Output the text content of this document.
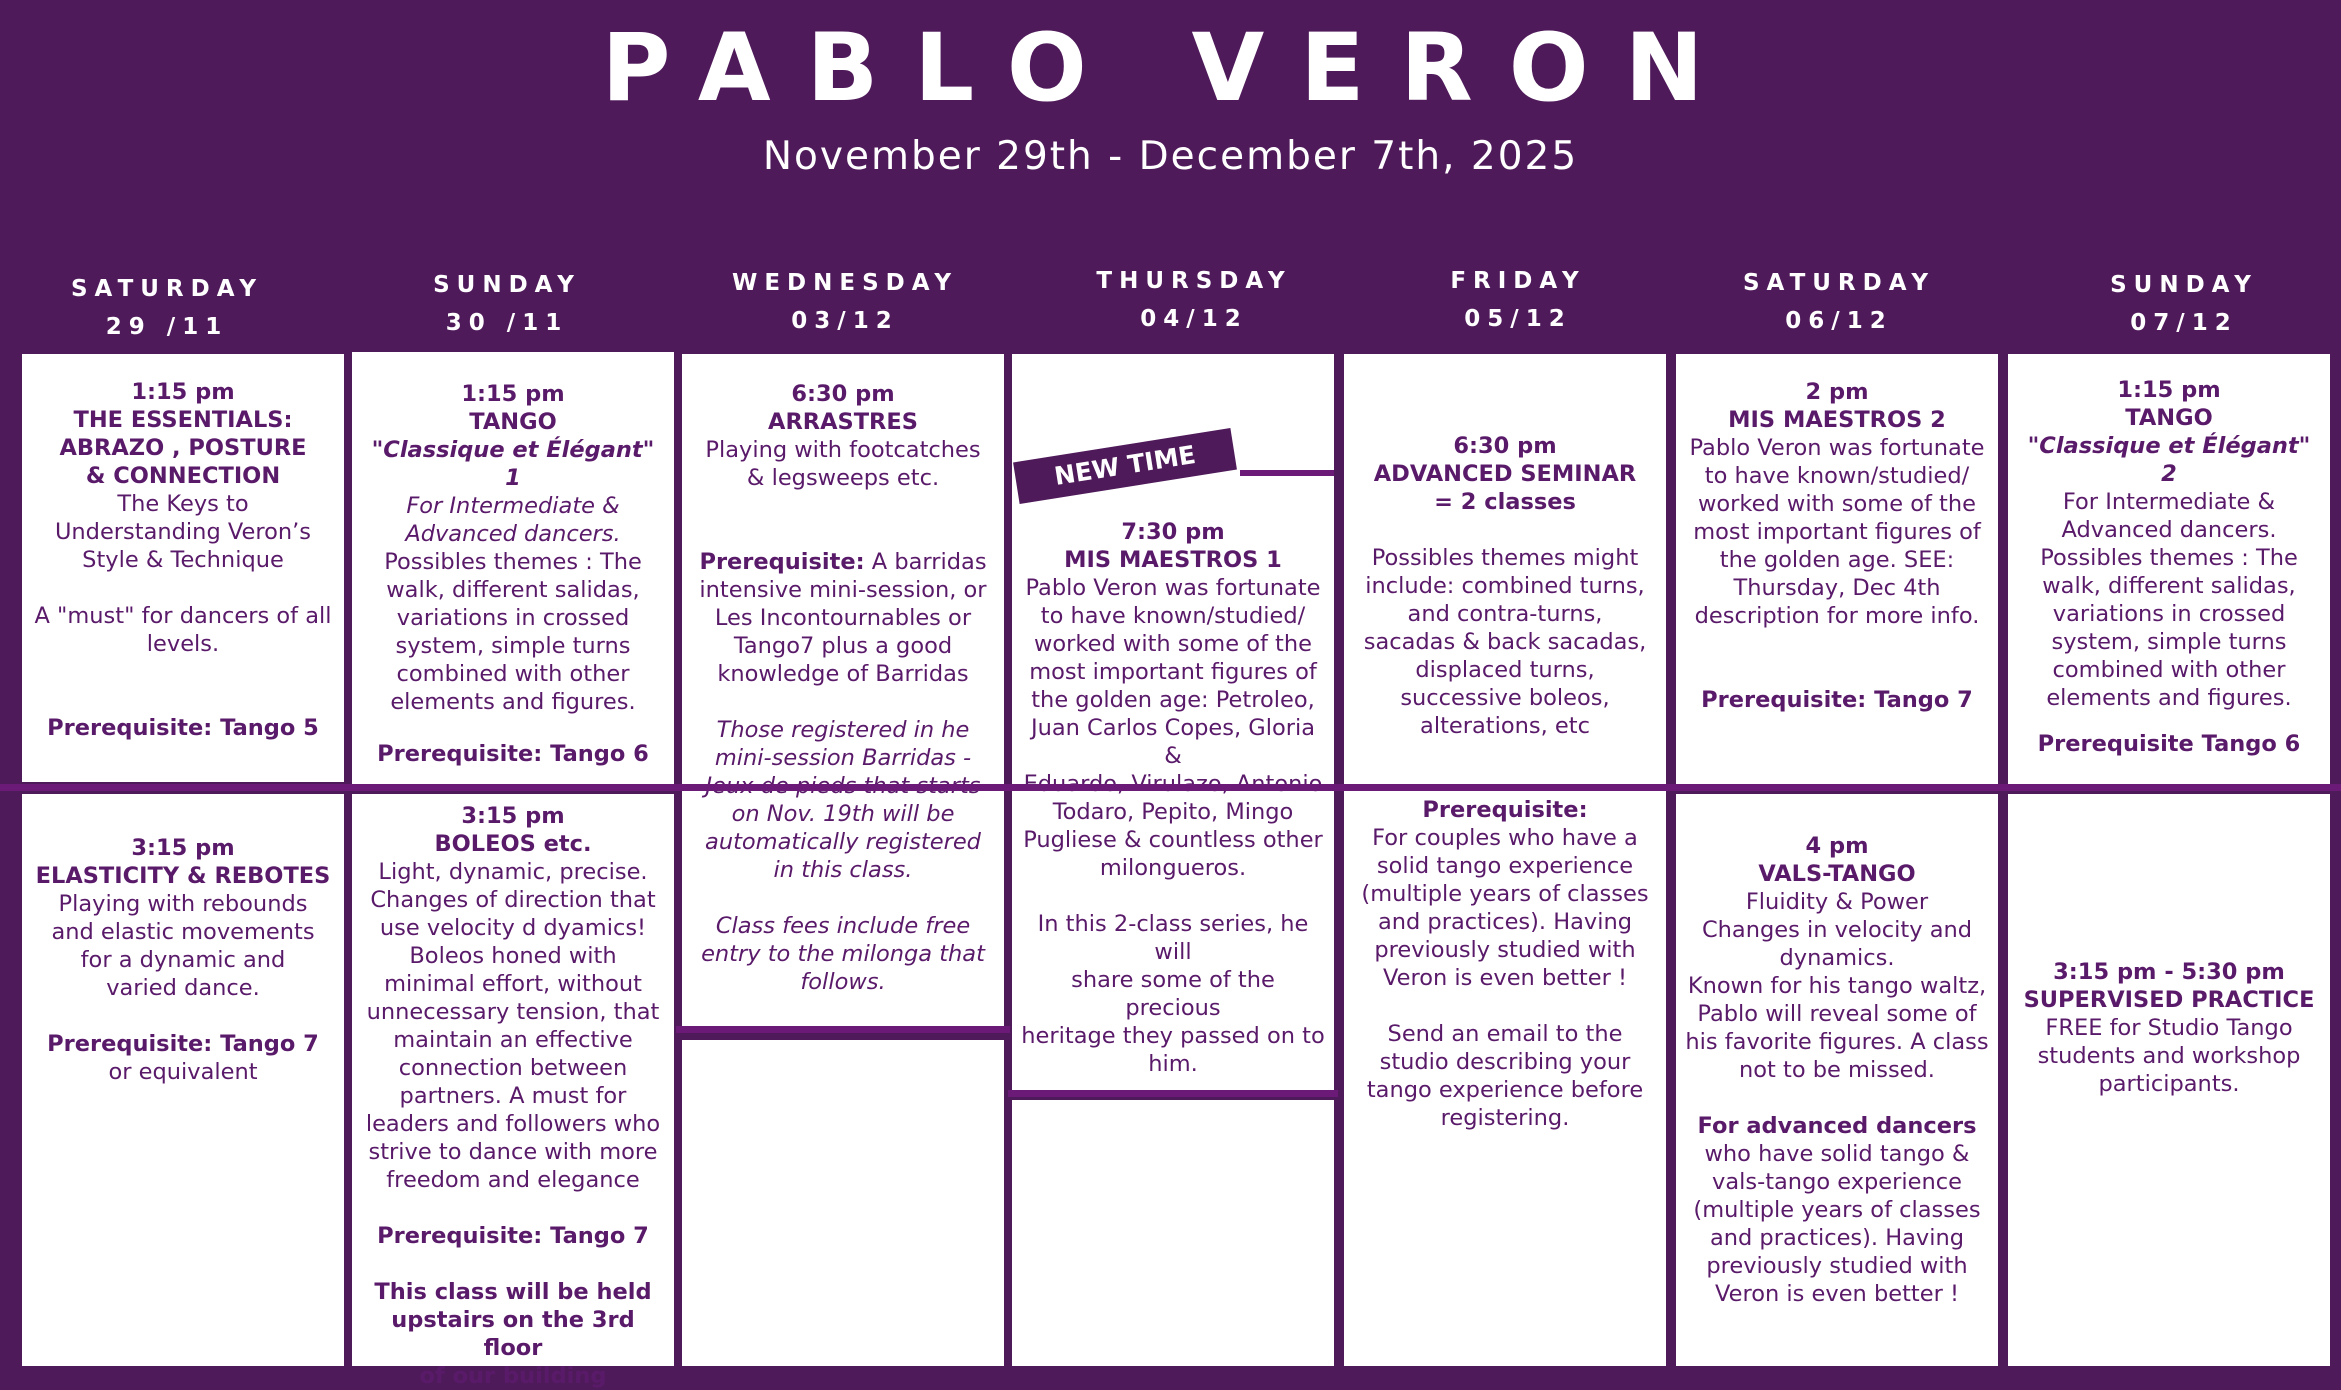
PABLO VERON
November 29th - December 7th, 2025
SATURDAY
29 /11
SUNDAY
30 /11
WEDNESDAY
03/12
THURSDAY
04/12
FRIDAY
05/12
SATURDAY
06/12
SUNDAY
07/12
1:15 pm
THE ESSENTIALS:
ABRAZO , POSTURE
& CONNECTION
The Keys to
Understanding Veron’s
Style & Technique
A "must" for dancers of all
levels.
Prerequisite: Tango 5
3:15 pm
ELASTICITY & REBOTES
Playing with rebounds
and elastic movements
for a dynamic and
varied dance.
Prerequisite: Tango 7
or equivalent
1:15 pm
TANGO
"Classique et Élégant" 1
For Intermediate &
Advanced dancers.
Possibles themes : The
walk, different salidas,
variations in crossed
system, simple turns
combined with other
elements and figures.
Prerequisite: Tango 6
3:15 pm
BOLEOS etc.
Light, dynamic, precise.
Changes of direction that
use velocity d dyamics!
Boleos honed with
minimal effort, without
unnecessary tension, that
maintain an effective
connection between
partners. A must for
leaders and followers who
strive to dance with more
freedom and elegance
Prerequisite: Tango 7
This class will be held
upstairs on the 3rd floor
of our building
6:30 pm
ARRASTRES
Playing with footcatches
& legsweeps etc.
Prerequisite: A barridas
intensive mini-session, or
Les Incontournables or
Tango7 plus a good
knowledge of Barridas
Those registered in he
mini-session Barridas -

on Nov. 19th will be
automatically registered
in this class.
Class fees include free
entry to the milonga that
follows.
7:30 pm
MIS MAESTROS 1
Pablo Veron was fortunate
to have known/studied/
worked with some of the
most important figures of
the golden age: Petroleo,
Juan Carlos Copes, Gloria &

Todaro, Pepito, Mingo
Pugliese & countless other
milongueros.
In this 2-class series, he will
share some of the precious
heritage they passed on to
him.
NEW TIME	6:30 pm
ADVANCED SEMINAR
= 2 classes
Possibles themes might
include: combined turns,
and contra-turns,
sacadas & back sacadas,
displaced turns,
successive boleos,
alterations, etc
Prerequisite:
For couples who have a
solid tango experience
(multiple years of classes
and practices). Having
previously studied with
Veron is even better !
Send an email to the
studio describing your
tango experience before
registering.
2 pm
MIS MAESTROS 2
Pablo Veron was fortunate
to have known/studied/
worked with some of the
most important figures of
the golden age. SEE:
Thursday, Dec 4th
description for more info.
Prerequisite: Tango 7
4 pm
VALS-TANGO
Fluidity & Power
Changes in velocity and
dynamics.
Known for his tango waltz,
Pablo will reveal some of
his favorite figures. A class
not to be missed.
For advanced dancers
who have solid tango &
vals-tango experience
(multiple years of classes
and practices). Having
previously studied with
Veron is even better !
1:15 pm
TANGO
"Classique et Élégant" 2
For Intermediate &
Advanced dancers.
Possibles themes : The
walk, different salidas,
variations in crossed
system, simple turns
combined with other
elements and figures.
Prerequisite Tango 6
3:15 pm - 5:30 pm
SUPERVISED PRACTICE
FREE for Studio Tango
students and workshop
participants.
